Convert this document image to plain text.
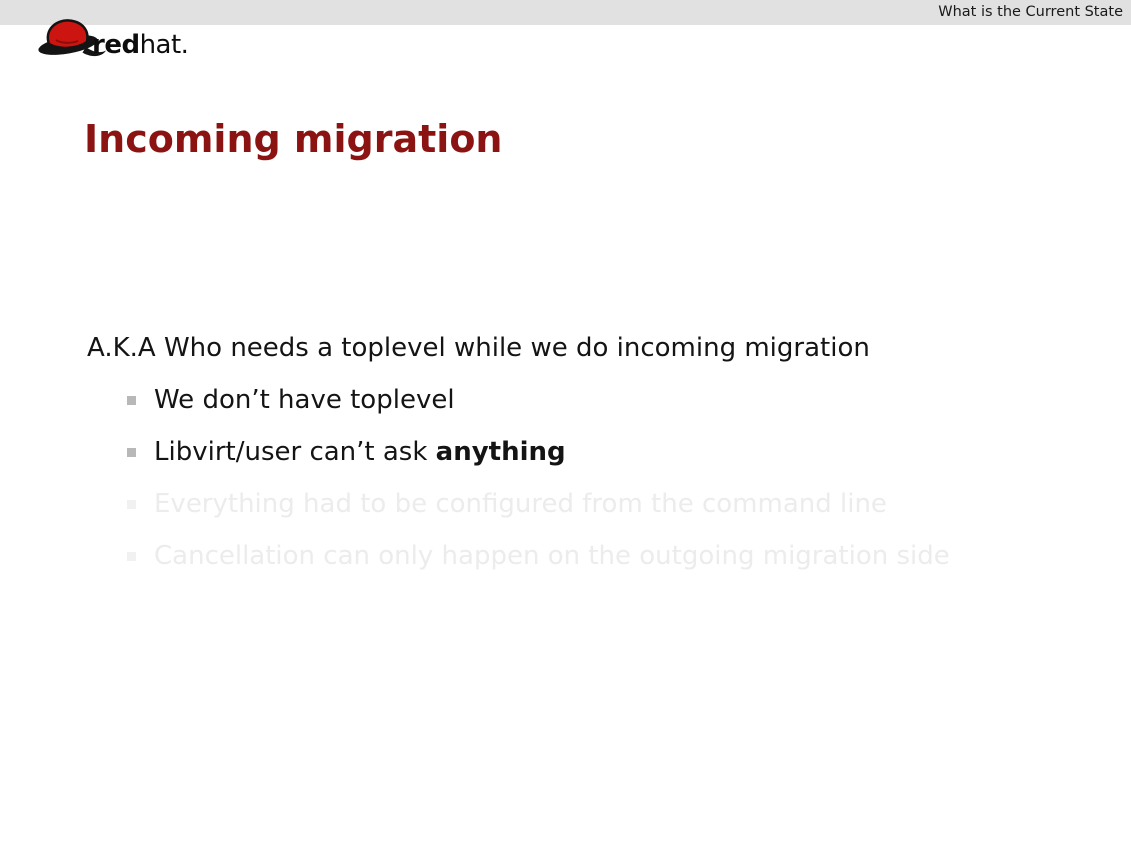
What is the Current State
redhat.
Incoming migration
A.K.A Who needs a toplevel while we do incoming migration
We don’t have toplevel
Libvirt/user can’t ask anything
Everything had to be configured from the command line
Cancellation can only happen on the outgoing migration side
